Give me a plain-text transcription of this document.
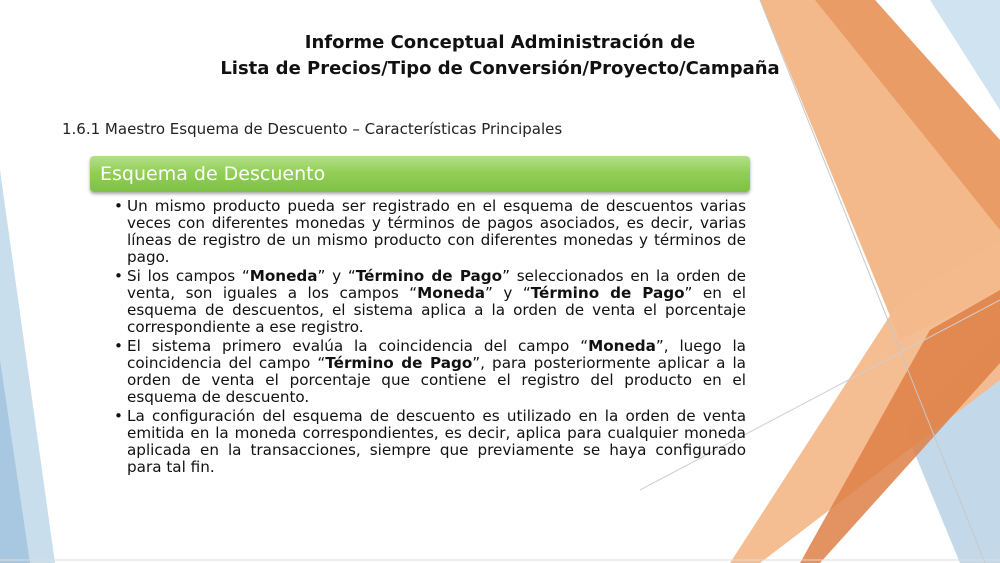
Informe Conceptual Administración de
Lista de Precios/Tipo de Conversión/Proyecto/Campaña
1.6.1 Maestro Esquema de Descuento – Características Principales
Esquema de Descuento
• Un mismo producto pueda ser registrado en el esquema de descuentos varias veces con diferentes monedas y términos de pagos asociados, es decir, varias líneas de registro de un mismo producto con diferentes monedas y términos de pago.
• Si los campos “Moneda” y “Término de Pago” seleccionados en la orden de venta, son iguales a los campos “Moneda” y “Término de Pago” en el esquema de descuentos, el sistema aplica a la orden de venta el porcentaje correspondiente a ese registro.
• El sistema primero evalúa la coincidencia del campo “Moneda”, luego la coincidencia del campo “Término de Pago”, para posteriormente aplicar a la orden de venta el porcentaje que contiene el registro del producto en el esquema de descuento.
• La configuración del esquema de descuento es utilizado en la orden de venta emitida en la moneda correspondientes, es decir, aplica para cualquier moneda aplicada en la transacciones, siempre que previamente se haya configurado para tal fin.
